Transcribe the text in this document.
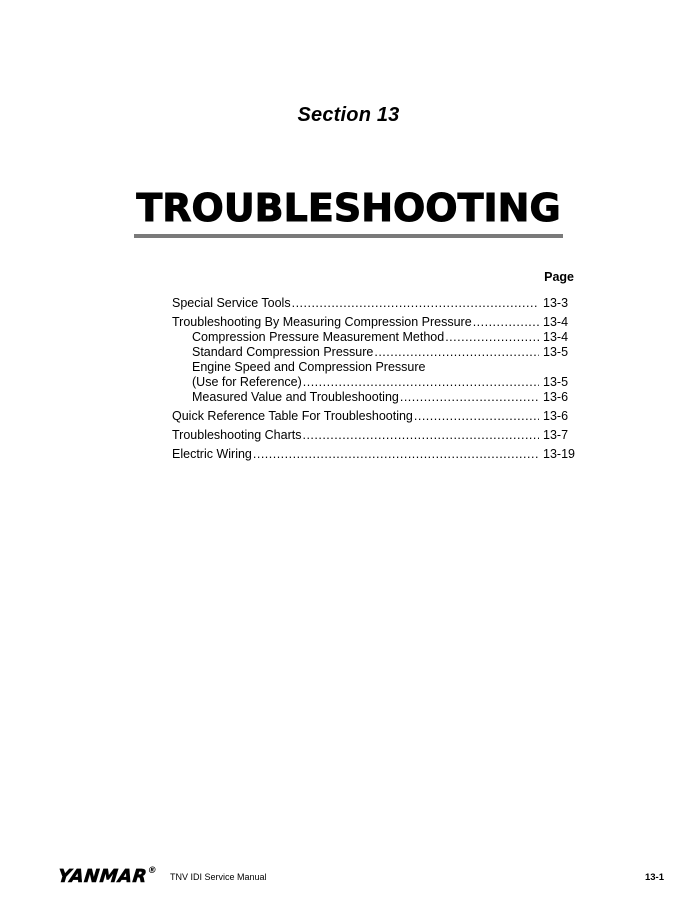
Section 13
TROUBLESHOOTING
Page
Special Service Tools .....	13-3
Troubleshooting By Measuring Compression Pressure .....	13-4
Compression Pressure Measurement Method .....	13-4
Standard Compression Pressure .....	13-5
Engine Speed and Compression Pressure
(Use for Reference) .....	13-5
Measured Value and Troubleshooting .....	13-6
Quick Reference Table For Troubleshooting .....	13-6
Troubleshooting Charts .....	13-7
Electric Wiring .....	13-19
YANMAR®
TNV IDI Service Manual	13-1
